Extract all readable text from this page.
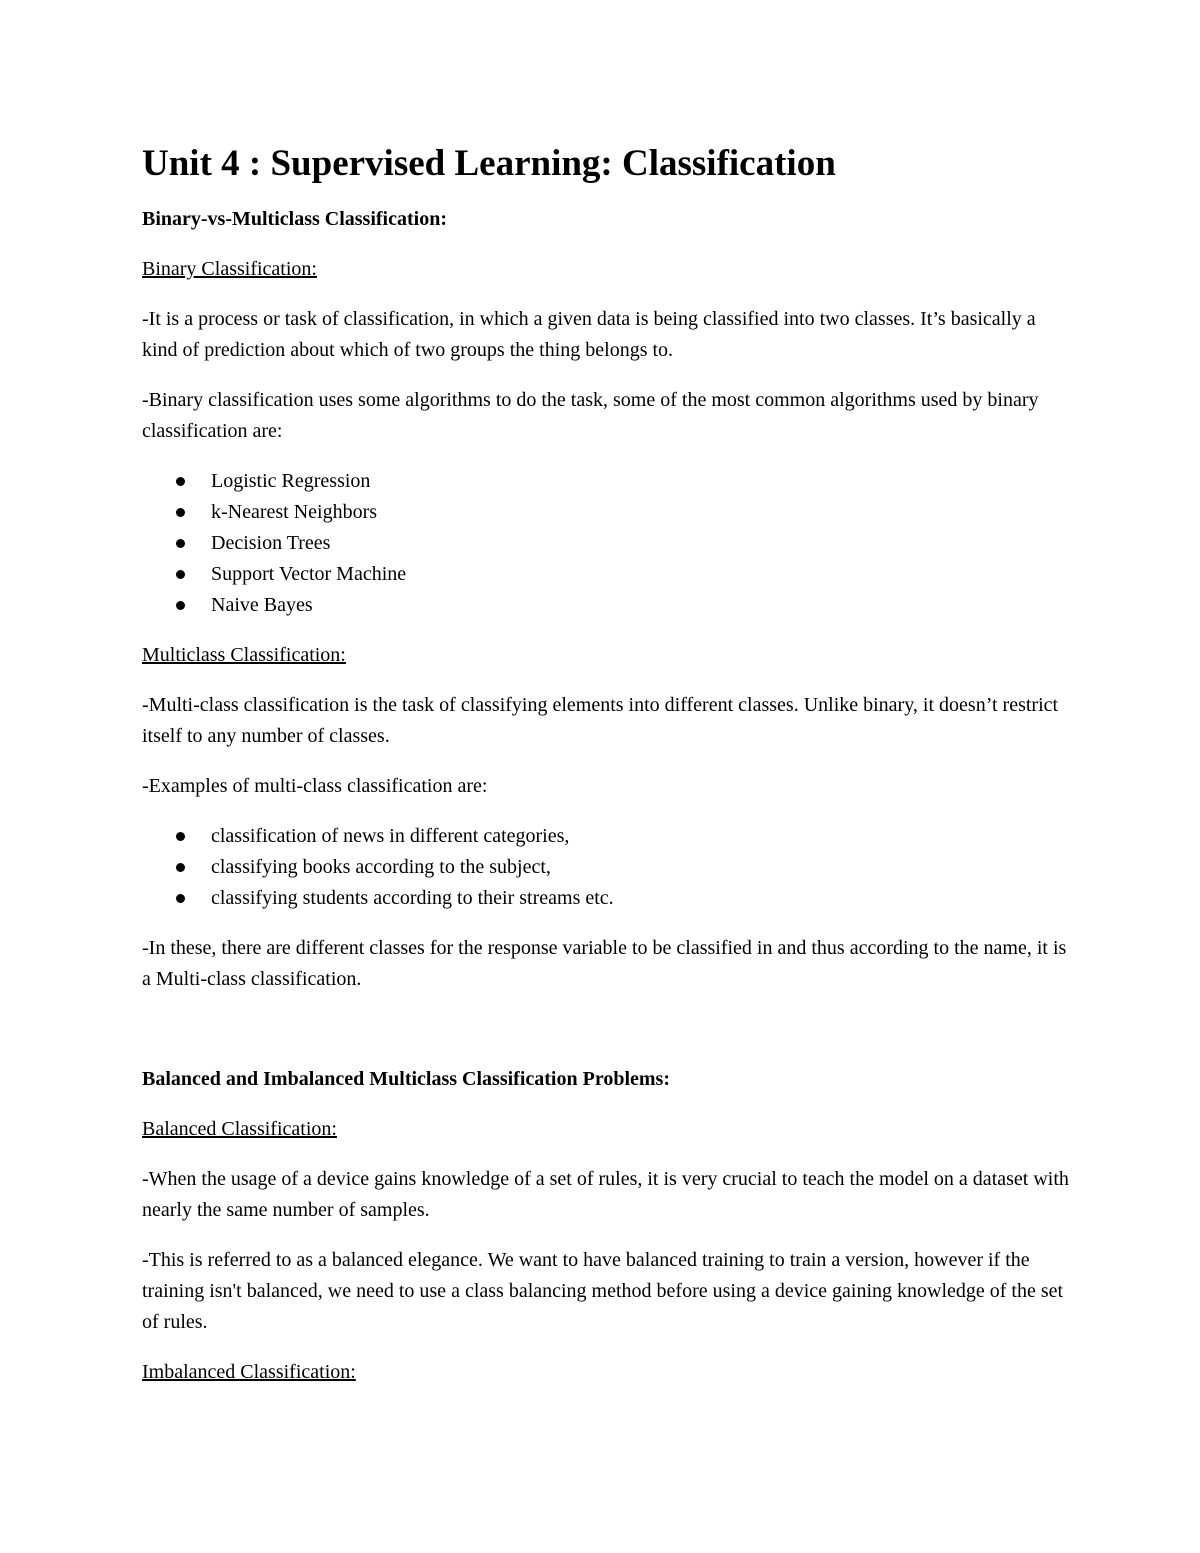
Unit 4 : Supervised Learning: Classification
Binary-vs-Multiclass Classification:
Binary Classification:

-It is a process or task of classification, in which a given data is being classified into two classes. It’s basically a kind of prediction about which of two groups the thing belongs to.

-Binary classification uses some algorithms to do the task, some of the most common algorithms used by binary classification are:

Logistic Regression
k-Nearest Neighbors
Decision Trees
Support Vector Machine
Naive Bayes
Multiclass Classification:

-Multi-class classification is the task of classifying elements into different classes. Unlike binary, it doesn’t restrict itself to any number of classes.

-Examples of multi-class classification are:

classification of news in different categories,
classifying books according to the subject,
classifying students according to their streams etc.

-In these, there are different classes for the response variable to be classified in and thus according to the name, it is a Multi-class classification.

Balanced and Imbalanced Multiclass Classification Problems:
Balanced Classification:

-When the usage of a device gains knowledge of a set of rules, it is very crucial to teach the model on a dataset with nearly the same number of samples.

-This is referred to as a balanced elegance. We want to have balanced training to train a version, however if the training isn't balanced, we need to use a class balancing method before using a device gaining knowledge of the set of rules.

Imbalanced Classification:
